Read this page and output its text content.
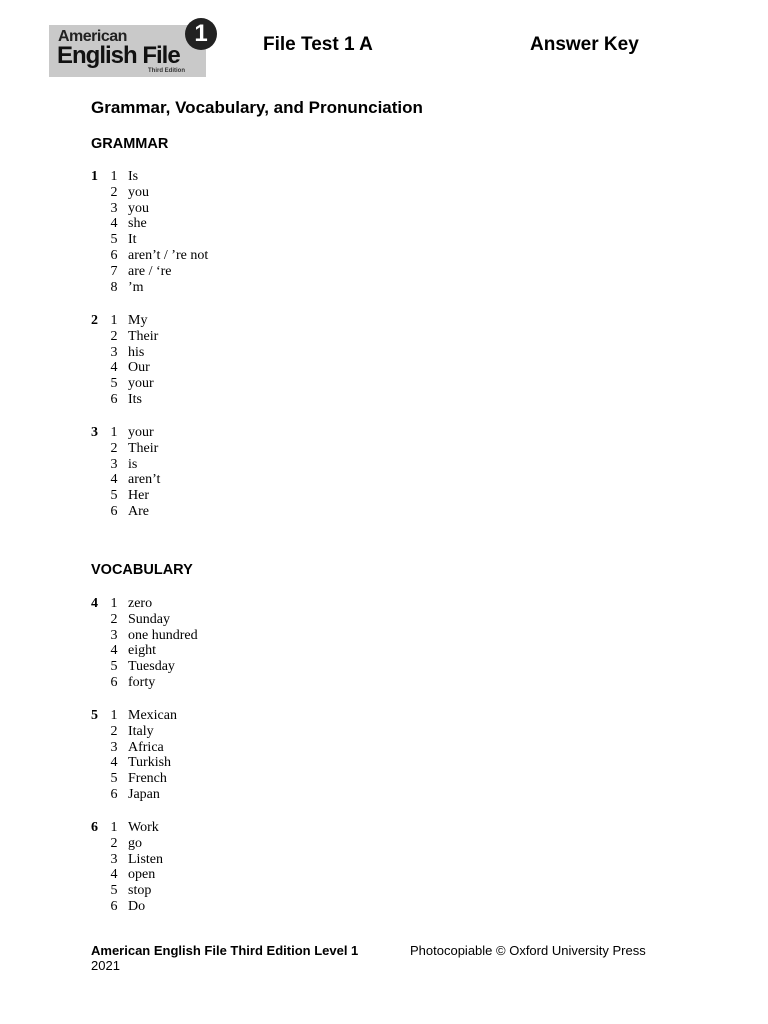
American
English File
Third Edition
1	File Test 1 A	Answer Key
Grammar, Vocabulary, and Pronunciation
GRAMMAR
1 1 Is
2 you
3 you
4 she
5 It
6 aren’t / ’re not
7 are / ‘re
8 ’m
2 1 My
2 Their
3 his
4 Our
5 your
6 Its
3 1 your
2 Their
3 is
4 aren’t
5 Her
6 Are
VOCABULARY
4 1 zero
2 Sunday
3 one hundred
4 eight
5 Tuesday
6 forty
5 1 Mexican
2 Italy
3 Africa
4 Turkish
5 French
6 Japan
6 1 Work
2 go
3 Listen
4 open
5 stop
6 Do
American English File Third Edition Level 1
2021
Photocopiable © Oxford University Press
